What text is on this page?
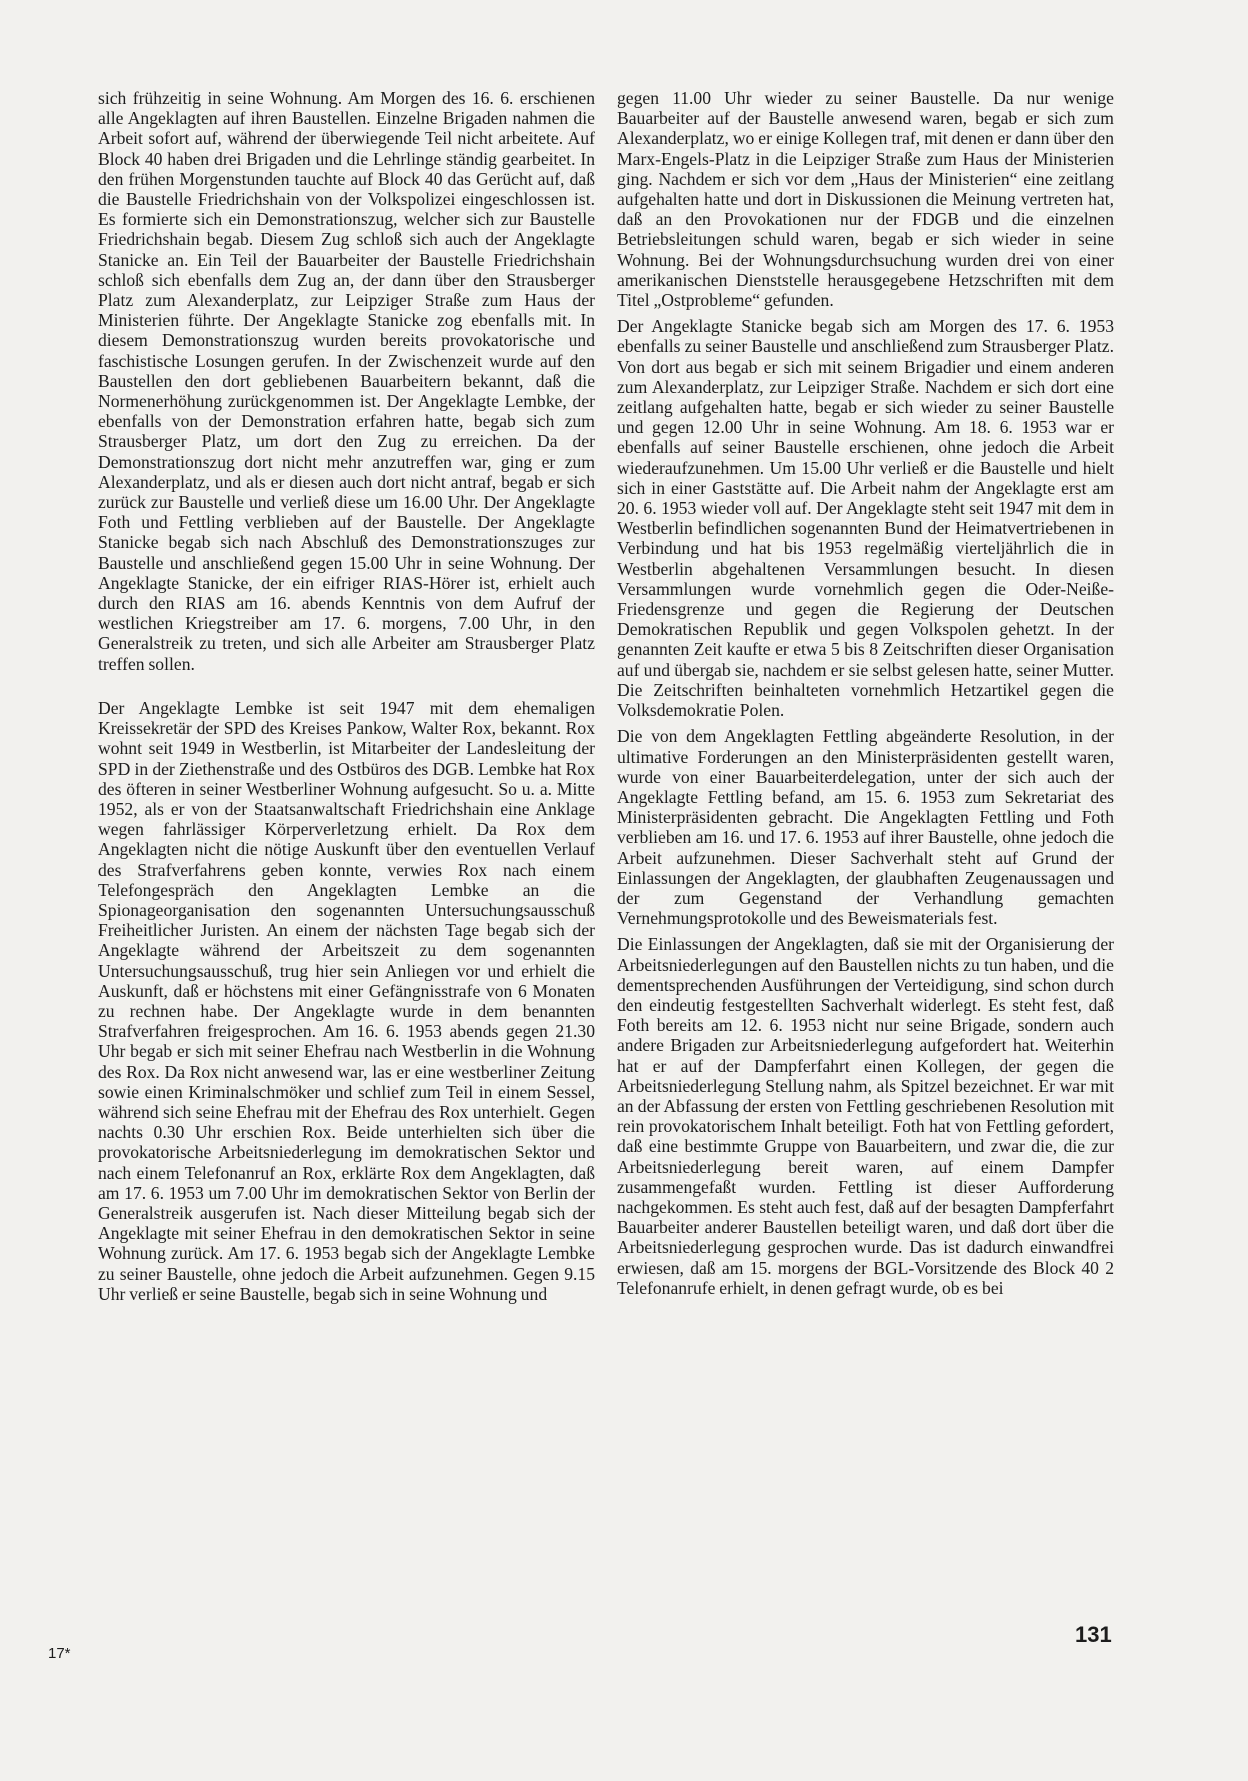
sich frühzeitig in seine Wohnung. Am Morgen des 16. 6. erschienen alle Angeklagten auf ihren Baustellen. Einzelne Brigaden nahmen die Arbeit sofort auf, während der überwiegende Teil nicht arbeitete. Auf Block 40 haben drei Brigaden und die Lehrlinge ständig gearbeitet. In den frühen Morgenstunden tauchte auf Block 40 das Gerücht auf, daß die Baustelle Friedrichshain von der Volkspolizei eingeschlossen ist. Es formierte sich ein Demonstrationszug, welcher sich zur Baustelle Friedrichshain begab. Diesem Zug schloß sich auch der Angeklagte Stanicke an. Ein Teil der Bauarbeiter der Baustelle Friedrichshain schloß sich ebenfalls dem Zug an, der dann über den Strausberger Platz zum Alexanderplatz, zur Leipziger Straße zum Haus der Ministerien führte. Der Angeklagte Stanicke zog ebenfalls mit. In diesem Demonstrationszug wurden bereits provokatorische und faschistische Losungen gerufen. In der Zwischenzeit wurde auf den Baustellen den dort gebliebenen Bauarbeitern bekannt, daß die Normenerhöhung zurückgenommen ist. Der Angeklagte Lembke, der ebenfalls von der Demonstration erfahren hatte, begab sich zum Strausberger Platz, um dort den Zug zu erreichen. Da der Demonstrationszug dort nicht mehr anzutreffen war, ging er zum Alexanderplatz, und als er diesen auch dort nicht antraf, begab er sich zurück zur Baustelle und verließ diese um 16.00 Uhr. Der Angeklagte Foth und Fettling verblieben auf der Baustelle. Der Angeklagte Stanicke begab sich nach Abschluß des Demonstrationszuges zur Baustelle und anschließend gegen 15.00 Uhr in seine Wohnung. Der Angeklagte Stanicke, der ein eifriger RIAS-Hörer ist, erhielt auch durch den RIAS am 16. abends Kenntnis von dem Aufruf der westlichen Kriegstreiber am 17. 6. morgens, 7.00 Uhr, in den Generalstreik zu treten, und sich alle Arbeiter am Strausberger Platz treffen sollen.

Der Angeklagte Lembke ist seit 1947 mit dem ehemaligen Kreissekretär der SPD des Kreises Pankow, Walter Rox, bekannt. Rox wohnt seit 1949 in Westberlin, ist Mitarbeiter der Landesleitung der SPD in der Ziethenstraße und des Ostbüros des DGB. Lembke hat Rox des öfteren in seiner Westberliner Wohnung aufgesucht. So u. a. Mitte 1952, als er von der Staatsanwaltschaft Friedrichshain eine Anklage wegen fahrlässiger Körperverletzung erhielt. Da Rox dem Angeklagten nicht die nötige Auskunft über den eventuellen Verlauf des Strafverfahrens geben konnte, verwies Rox nach einem Telefongespräch den Angeklagten Lembke an die Spionageorganisation den sogenannten Untersuchungsausschuß Freiheitlicher Juristen. An einem der nächsten Tage begab sich der Angeklagte während der Arbeitszeit zu dem sogenannten Untersuchungsausschuß, trug hier sein Anliegen vor und erhielt die Auskunft, daß er höchstens mit einer Gefängnisstrafe von 6 Monaten zu rechnen habe. Der Angeklagte wurde in dem benannten Strafverfahren freigesprochen. Am 16. 6. 1953 abends gegen 21.30 Uhr begab er sich mit seiner Ehefrau nach Westberlin in die Wohnung des Rox. Da Rox nicht anwesend war, las er eine westberliner Zeitung sowie einen Kriminalschmöker und schlief zum Teil in einem Sessel, während sich seine Ehefrau mit der Ehefrau des Rox unterhielt. Gegen nachts 0.30 Uhr erschien Rox. Beide unterhielten sich über die provokatorische Arbeitsniederlegung im demokratischen Sektor und nach einem Telefonanruf an Rox, erklärte Rox dem Angeklagten, daß am 17. 6. 1953 um 7.00 Uhr im demokratischen Sektor von Berlin der Generalstreik ausgerufen ist. Nach dieser Mitteilung begab sich der Angeklagte mit seiner Ehefrau in den demokratischen Sektor in seine Wohnung zurück. Am 17. 6. 1953 begab sich der Angeklagte Lembke zu seiner Baustelle, ohne jedoch die Arbeit aufzunehmen. Gegen 9.15 Uhr verließ er seine Baustelle, begab sich in seine Wohnung und

gegen 11.00 Uhr wieder zu seiner Baustelle. Da nur wenige Bauarbeiter auf der Baustelle anwesend waren, begab er sich zum Alexanderplatz, wo er einige Kollegen traf, mit denen er dann über den Marx-Engels-Platz in die Leipziger Straße zum Haus der Ministerien ging. Nachdem er sich vor dem „Haus der Ministerien“ eine zeitlang aufgehalten hatte und dort in Diskussionen die Meinung vertreten hat, daß an den Provokationen nur der FDGB und die einzelnen Betriebsleitungen schuld waren, begab er sich wieder in seine Wohnung. Bei der Wohnungsdurchsuchung wurden drei von einer amerikanischen Dienststelle herausgegebene Hetzschriften mit dem Titel „Ostprobleme“ gefunden.

Der Angeklagte Stanicke begab sich am Morgen des 17. 6. 1953 ebenfalls zu seiner Baustelle und anschließend zum Strausberger Platz. Von dort aus begab er sich mit seinem Brigadier und einem anderen zum Alexanderplatz, zur Leipziger Straße. Nachdem er sich dort eine zeitlang aufgehalten hatte, begab er sich wieder zu seiner Baustelle und gegen 12.00 Uhr in seine Wohnung. Am 18. 6. 1953 war er ebenfalls auf seiner Baustelle erschienen, ohne jedoch die Arbeit wiederaufzunehmen. Um 15.00 Uhr verließ er die Baustelle und hielt sich in einer Gaststätte auf. Die Arbeit nahm der Angeklagte erst am 20. 6. 1953 wieder voll auf. Der Angeklagte steht seit 1947 mit dem in Westberlin befindlichen sogenannten Bund der Heimatvertriebenen in Verbindung und hat bis 1953 regelmäßig vierteljährlich die in Westberlin abgehaltenen Versammlungen besucht. In diesen Versammlungen wurde vornehmlich gegen die Oder-Neiße-Friedensgrenze und gegen die Regierung der Deutschen Demokratischen Republik und gegen Volkspolen gehetzt. In der genannten Zeit kaufte er etwa 5 bis 8 Zeitschriften dieser Organisation auf und übergab sie, nachdem er sie selbst gelesen hatte, seiner Mutter. Die Zeitschriften beinhalteten vornehmlich Hetzartikel gegen die Volksdemokratie Polen.

Die von dem Angeklagten Fettling abgeänderte Resolution, in der ultimative Forderungen an den Ministerpräsidenten gestellt waren, wurde von einer Bauarbeiterdelegation, unter der sich auch der Angeklagte Fettling befand, am 15. 6. 1953 zum Sekretariat des Ministerpräsidenten gebracht. Die Angeklagten Fettling und Foth verblieben am 16. und 17. 6. 1953 auf ihrer Baustelle, ohne jedoch die Arbeit aufzunehmen. Dieser Sachverhalt steht auf Grund der Einlassungen der Angeklagten, der glaubhaften Zeugenaussagen und der zum Gegenstand der Verhandlung gemachten Vernehmungsprotokolle und des Beweismaterials fest.

Die Einlassungen der Angeklagten, daß sie mit der Organisierung der Arbeitsniederlegungen auf den Baustellen nichts zu tun haben, und die dementsprechenden Ausführungen der Verteidigung, sind schon durch den eindeutig festgestellten Sachverhalt widerlegt. Es steht fest, daß Foth bereits am 12. 6. 1953 nicht nur seine Brigade, sondern auch andere Brigaden zur Arbeitsniederlegung aufgefordert hat. Weiterhin hat er auf der Dampferfahrt einen Kollegen, der gegen die Arbeitsniederlegung Stellung nahm, als Spitzel bezeichnet. Er war mit an der Abfassung der ersten von Fettling geschriebenen Resolution mit rein provokatorischem Inhalt beteiligt. Foth hat von Fettling gefordert, daß eine bestimmte Gruppe von Bauarbeitern, und zwar die, die zur Arbeitsniederlegung bereit waren, auf einem Dampfer zusammengefaßt wurden. Fettling ist dieser Aufforderung nachgekommen. Es steht auch fest, daß auf der besagten Dampferfahrt Bauarbeiter anderer Baustellen beteiligt waren, und daß dort über die Arbeitsniederlegung gesprochen wurde. Das ist dadurch einwandfrei erwiesen, daß am 15. morgens der BGL-Vorsitzende des Block 40 2 Telefonanrufe erhielt, in denen gefragt wurde, ob es bei

17*
131
